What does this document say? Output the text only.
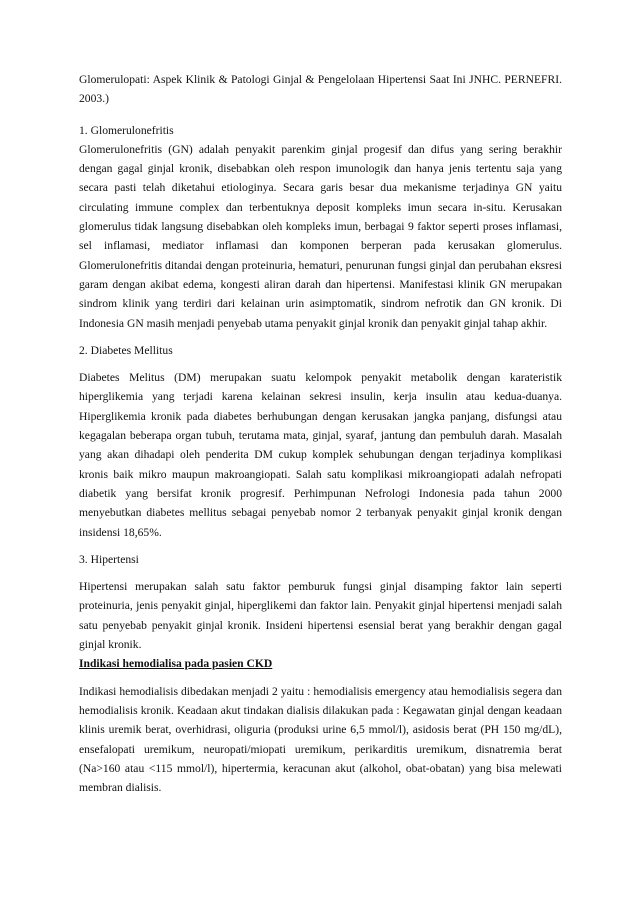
Glomerulopati: Aspek Klinik & Patologi Ginjal & Pengelolaan Hipertensi Saat Ini JNHC. PERNEFRI. 2003.)

1. Glomerulonefritis

Glomerulonefritis (GN) adalah penyakit parenkim ginjal progesif dan difus yang sering berakhir dengan gagal ginjal kronik, disebabkan oleh respon imunologik dan hanya jenis tertentu saja yang secara pasti telah diketahui etiologinya. Secara garis besar dua mekanisme terjadinya GN yaitu circulating immune complex dan terbentuknya deposit kompleks imun secara in-situ. Kerusakan glomerulus tidak langsung disebabkan oleh kompleks imun, berbagai 9 faktor seperti proses inflamasi, sel inflamasi, mediator inflamasi dan komponen berperan pada kerusakan glomerulus. Glomerulonefritis ditandai dengan proteinuria, hematuri, penurunan fungsi ginjal dan perubahan eksresi garam dengan akibat edema, kongesti aliran darah dan hipertensi. Manifestasi klinik GN merupakan sindrom klinik yang terdiri dari kelainan urin asimptomatik, sindrom nefrotik dan GN kronik. Di Indonesia GN masih menjadi penyebab utama penyakit ginjal kronik dan penyakit ginjal tahap akhir.

2. Diabetes Mellitus

Diabetes Melitus (DM) merupakan suatu kelompok penyakit metabolik dengan karateristik hiperglikemia yang terjadi karena kelainan sekresi insulin, kerja insulin atau kedua-duanya. Hiperglikemia kronik pada diabetes berhubungan dengan kerusakan jangka panjang, disfungsi atau kegagalan beberapa organ tubuh, terutama mata, ginjal, syaraf, jantung dan pembuluh darah. Masalah yang akan dihadapi oleh penderita DM cukup komplek sehubungan dengan terjadinya komplikasi kronis baik mikro maupun makroangiopati. Salah satu komplikasi mikroangiopati adalah nefropati diabetik yang bersifat kronik progresif. Perhimpunan Nefrologi Indonesia pada tahun 2000 menyebutkan diabetes mellitus sebagai penyebab nomor 2 terbanyak penyakit ginjal kronik dengan insidensi 18,65%.

3. Hipertensi

Hipertensi merupakan salah satu faktor pemburuk fungsi ginjal disamping faktor lain seperti proteinuria, jenis penyakit ginjal, hiperglikemi dan faktor lain. Penyakit ginjal hipertensi menjadi salah satu penyebab penyakit ginjal kronik. Insideni hipertensi esensial berat yang berakhir dengan gagal ginjal kronik.

Indikasi hemodialisa pada pasien CKD

Indikasi hemodialisis dibedakan menjadi 2 yaitu : hemodialisis emergency atau hemodialisis segera dan hemodialisis kronik. Keadaan akut tindakan dialisis dilakukan pada : Kegawatan ginjal dengan keadaan klinis uremik berat, overhidrasi, oliguria (produksi urine 6,5 mmol/l), asidosis berat (PH 150 mg/dL), ensefalopati uremikum, neuropati/miopati uremikum, perikarditis uremikum, disnatremia berat (Na>160 atau <115 mmol/l), hipertermia, keracunan akut (alkohol, obat-obatan) yang bisa melewati membran dialisis.
